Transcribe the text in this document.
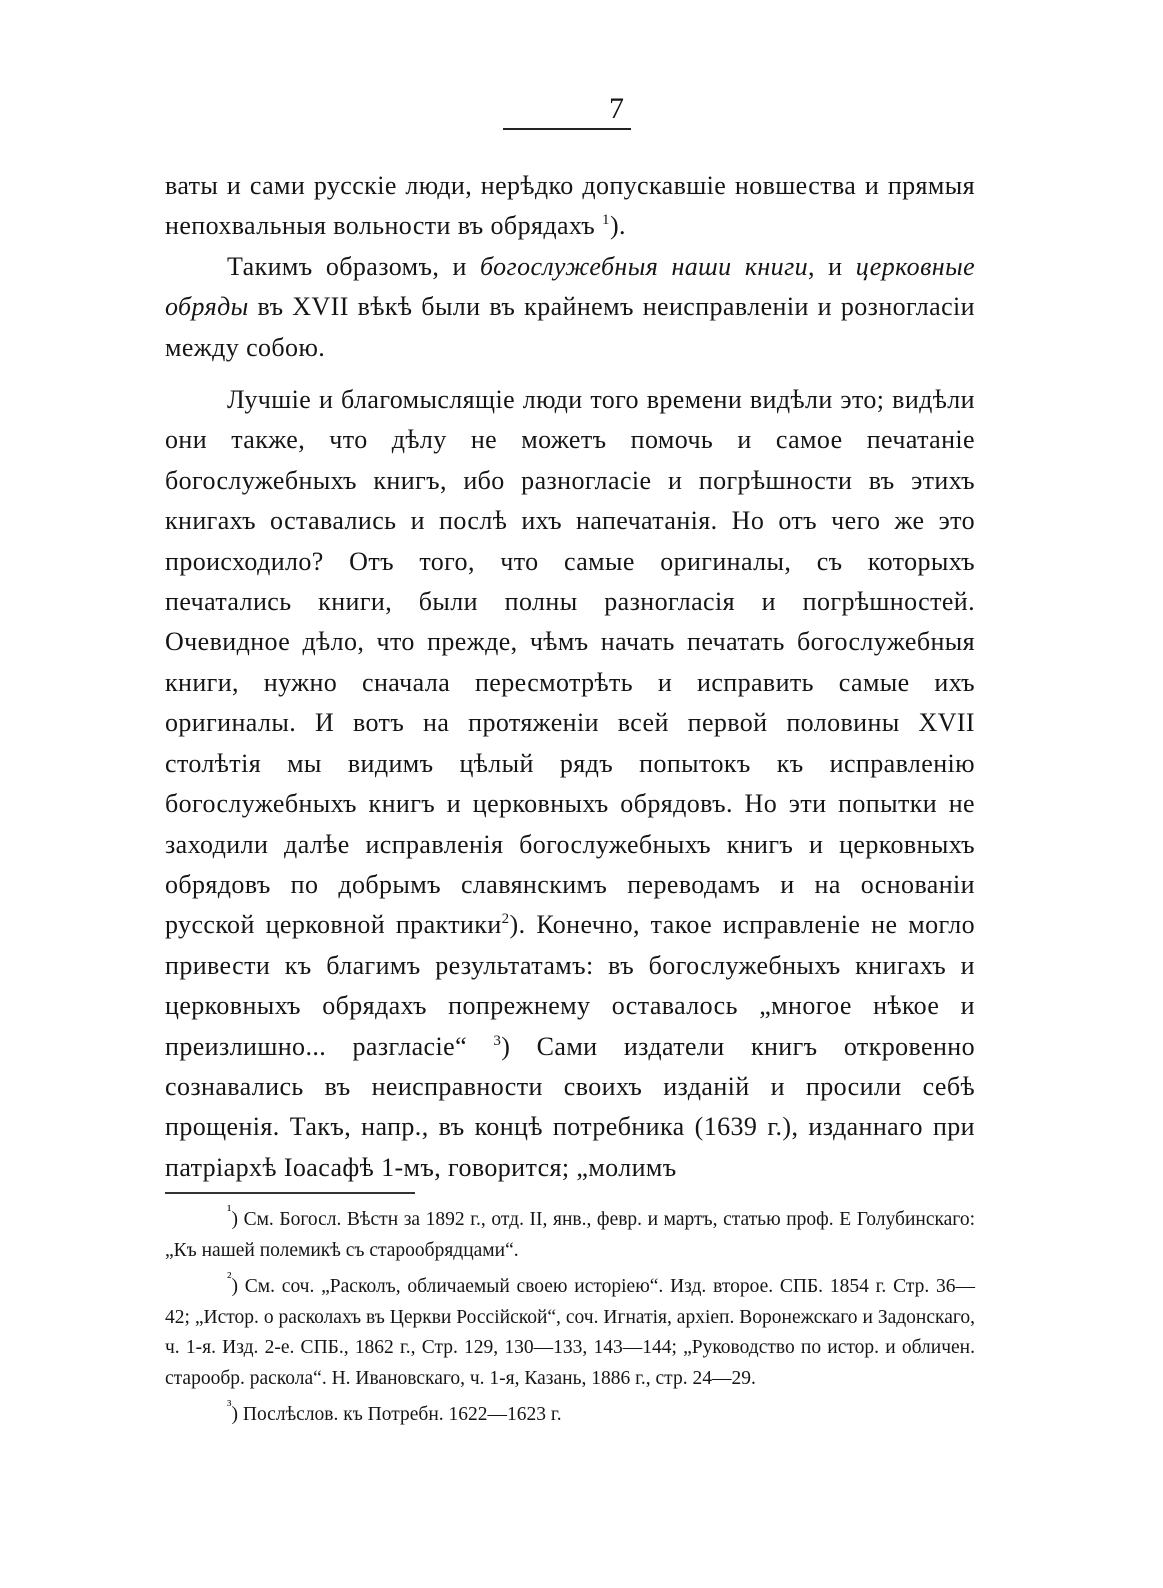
7

ваты и сами русскіе люди, нерѣдко допускавшіе новшества и прямыя непохвальныя вольности въ обрядахъ $^1$).

Такимъ образомъ, и богослужебныя наши книги, и церковные обряды въ XVII вѣкѣ были въ крайнемъ неисправленіи и розногласіи между собою.

Лучшіе и благомыслящіе люди того времени видѣли это; видѣли они также, что дѣлу не можетъ помочь и самое печатаніе богослужебныхъ книгъ, ибо разногласіе и погрѣшности въ этихъ книгахъ оставались и послѣ ихъ напечатанія. Но отъ чего же это происходило? Отъ того, что самые оригиналы, съ которыхъ печатались книги, были полны разногласія и погрѣшностей. Очевидное дѣло, что прежде, чѣмъ начать печатать богослужебныя книги, нужно сначала пересмотрѣть и исправить самые ихъ оригиналы. И вотъ на протяженіи всей первой половины XVII столѣтія мы видимъ цѣлый рядъ попытокъ къ исправленію богослужебныхъ книгъ и церковныхъ обрядовъ. Но эти попытки не заходили далѣе исправленія богослужебныхъ книгъ и церковныхъ обрядовъ по добрымъ славянскимъ переводамъ и на основаніи русской церковной практики$^2$). Конечно, такое исправленіе не могло привести къ благимъ результатамъ: въ богослужебныхъ книгахъ и церковныхъ обрядахъ попрежнему оставалось „многое нѣкое и преизлишно... разгласіе“ $^3$) Сами издатели книгъ откровенно сознавались въ неисправности своихъ изданій и просили себѣ прощенія. Такъ, напр., въ концѣ потребника (1639 г.), изданнаго при патріархѣ Іоасафѣ 1-мъ, говорится; „молимъ

$^{^1}$) См. Богосл. Вѣстн за 1892 г., отд. II, янв., февр. и мартъ, статью проф. Е Голубинскаго: „Къ нашей полемикѣ съ старообрядцами“.

$^{^2}$) См. соч. „Расколъ, обличаемый своею исторіею“. Изд. второе. СПБ. 1854 г. Стр. 36—42; „Истор. о расколахъ въ Церкви Россійской“, соч. Игнатія, архіеп. Воронежскаго и Задонскаго, ч. 1-я. Изд. 2-е. СПБ., 1862 г., Стр. 129, 130—133, 143—144; „Руководство по истор. и обличен. старообр. раскола“. Н. Ивановскаго, ч. 1-я, Казань, 1886 г., стр. 24—29.

$^{^3}$) Послѣслов. къ Потребн. 1622—1623 г.
